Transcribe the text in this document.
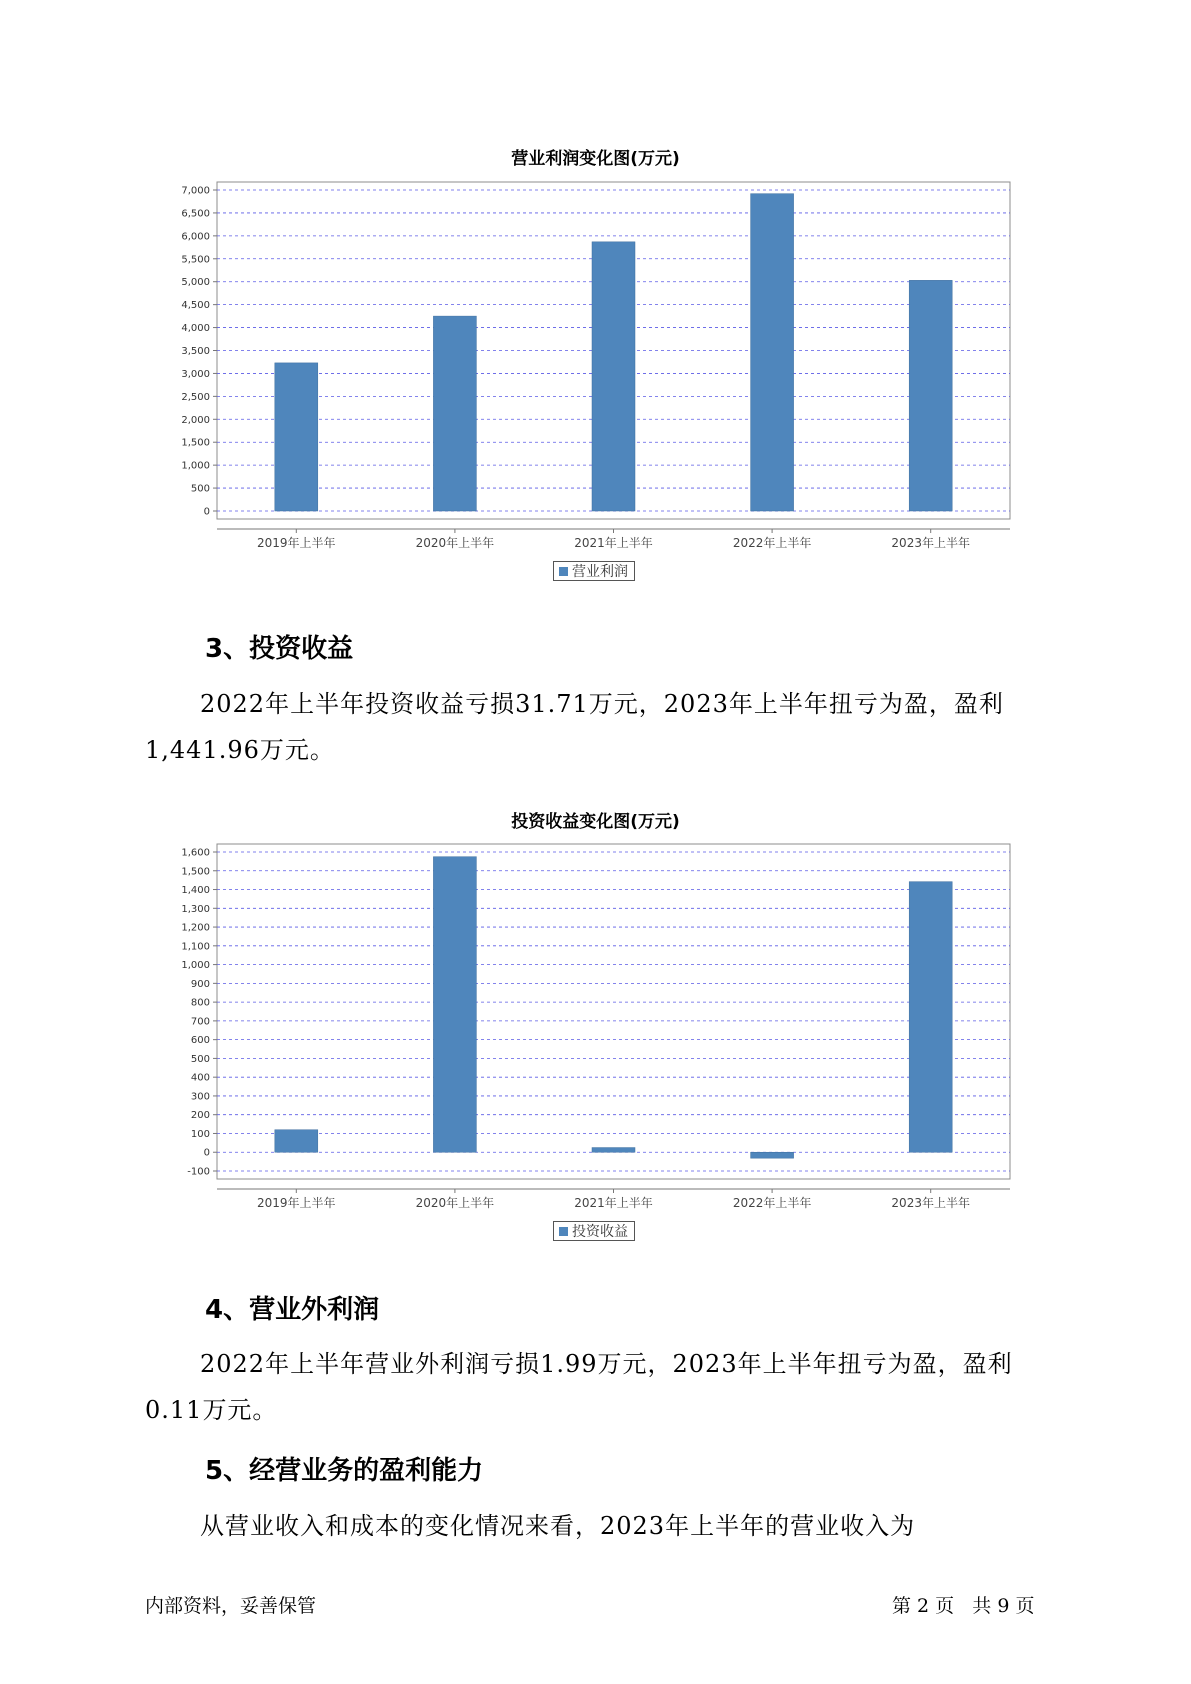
营业利润变化图(万元)
0
500
1,000
1,500
2,000
2,500
3,000
3,500
4,000
4,500
5,000
5,500
6,000
6,500
7,000
2019年上半年	2020年上半年	2021年上半年	2022年上半年	2023年上半年
营业利润
3、投资收益
2022年上半年投资收益亏损31.71万元，2023年上半年扭亏为盈，盈利1,441.96万元。
投资收益变化图(万元)
-100
0
100
200
300
400
500
600
700
800
900
1,000
1,100
1,200
1,300
1,400
1,500
1,600
2019年上半年	2020年上半年	2021年上半年	2022年上半年	2023年上半年
投资收益
4、营业外利润
2022年上半年营业外利润亏损1.99万元，2023年上半年扭亏为盈，盈利0.11万元。
5、经营业务的盈利能力
从营业收入和成本的变化情况来看，2023年上半年的营业收入为
内部资料，妥善保管	第 2 页   共 9 页
